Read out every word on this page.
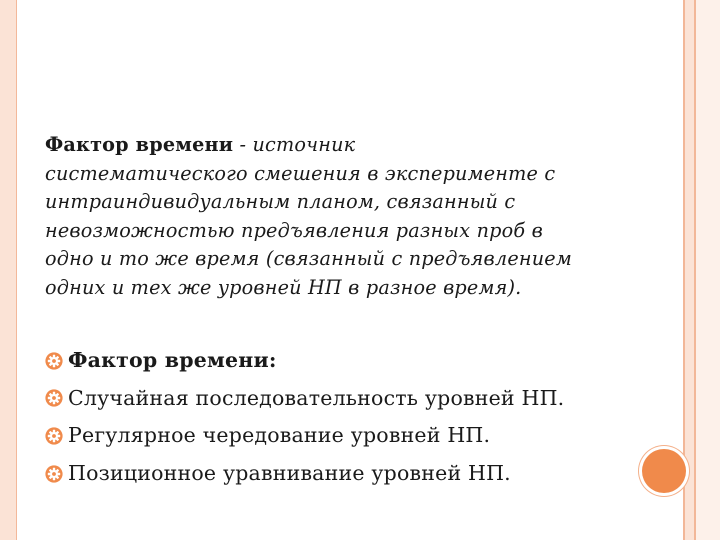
Фактор времени - источник
систематического смешения в эксперименте с
интраиндивидуальным планом, связанный с
невозможностью предъявления разных проб в
одно и то же время (связанный с предъявлением
одних и тех же уровней НП в разное время).
Фактор времени:
Случайная последовательность уровней НП.
Регулярное чередование уровней НП.
Позиционное уравнивание уровней НП.
